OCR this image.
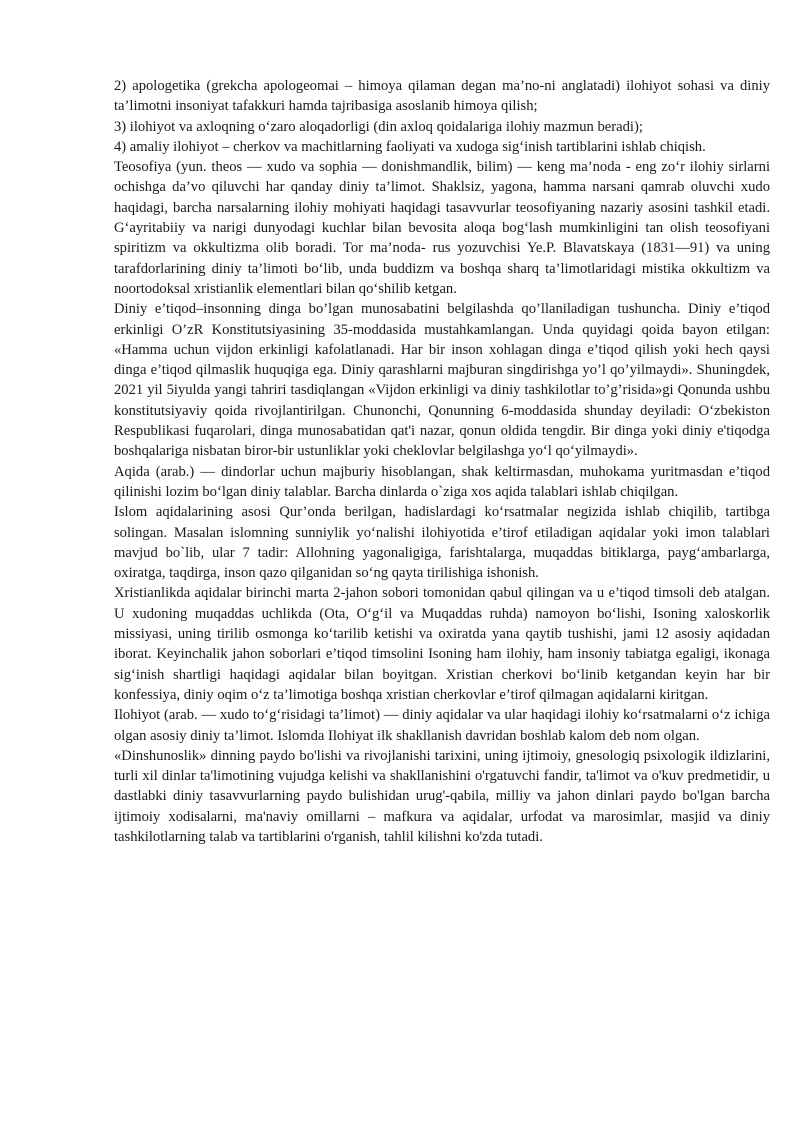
2) apologetika (grekcha apologeomai – himoya qilaman degan ma’no-ni anglatadi) ilohiyot sohasi va diniy ta’limotni insoniyat tafakkuri hamda tajribasiga asoslanib himoya qilish;

3) ilohiyot va axloqning o‘zaro aloqadorligi (din axloq qoidalariga ilohiy mazmun beradi);

4) amaliy ilohiyot – cherkov va machitlarning faoliyati va xudoga sig‘inish tartiblarini ishlab chiqish.

Teosofiya (yun. theos — xudo va sophia — donishmandlik, bilim) — keng ma’noda - eng zo‘r ilohiy sirlarni ochishga da’vo qiluvchi har qanday diniy ta’limot. Shaklsiz, yagona, hamma narsani qamrab oluvchi xudo haqidagi, barcha narsalarning ilohiy mohiyati haqidagi tasavvurlar teosofiyaning nazariy asosini tashkil etadi. G‘ayritabiiy va narigi dunyodagi kuchlar bilan bevosita aloqa bog‘lash mumkinligini tan olish teosofiyani spiritizm va okkultizma olib boradi. Tor ma’noda- rus yozuvchisi Ye.P. Blavatskaya (1831—91) va uning tarafdorlarining diniy ta’limoti bo‘lib, unda buddizm va boshqa sharq ta’limotlaridagi mistika okkultizm va noortodoksal xristianlik elementlari bilan qo‘shilib ketgan.

Diniy e’tiqod–insonning dinga bo’lgan munosabatini belgilashda qo’llaniladigan tushuncha. Diniy e’tiqod erkinligi O’zR Konstitutsiyasining 35-moddasida mustahkamlangan. Unda quyidagi qoida bayon etilgan: «Hamma uchun vijdon erkinligi kafolatlanadi. Har bir inson xohlagan dinga e’tiqod qilish yoki hech qaysi dinga e’tiqod qilmaslik huquqiga ega. Diniy qarashlarni majburan singdirishga yo’l qo’yilmaydi». Shuningdek, 2021 yil 5iyulda yangi tahriri tasdiqlangan «Vijdon erkinligi va diniy tashkilotlar to’g’risida»gi Qonunda ushbu konstitutsiyaviy qoida rivojlantirilgan. Chunonchi, Qonunning 6-moddasida shunday deyiladi: O‘zbekiston Respublikasi fuqarolari, dinga munosabatidan qat'i nazar, qonun oldida tengdir. Bir dinga yoki diniy e'tiqodga boshqalariga nisbatan biror-bir ustunliklar yoki cheklovlar belgilashga yo‘l qo‘yilmaydi».

Aqida (arab.) — dindorlar uchun majburiy hisoblangan, shak keltirmasdan, muhokama yuritmasdan e’tiqod qilinishi lozim bo‘lgan diniy talablar. Barcha dinlarda o`ziga xos aqida talablari ishlab chiqilgan.

Islom aqidalarining asosi Qur’onda berilgan, hadislardagi ko‘rsatmalar negizida ishlab chiqilib, tartibga solingan. Masalan islomning sunniylik yo‘nalishi ilohiyotida e’tirof etiladigan aqidalar yoki imon talablari mavjud bo`lib, ular 7 tadir: Allohning yagonaligiga, farishtalarga, muqaddas bitiklarga, payg‘ambarlarga, oxiratga, taqdirga, inson qazo qilganidan so‘ng qayta tirilishiga ishonish.

Xristianlikda aqidalar birinchi marta 2-jahon sobori tomonidan qabul qilingan va u e’tiqod timsoli deb atalgan. U xudoning muqaddas uchlikda (Ota, O‘g‘il va Muqaddas ruhda) namoyon bo‘lishi, Isoning xaloskorlik missiyasi, uning tirilib osmonga ko‘tarilib ketishi va oxiratda yana qaytib tushishi, jami 12 asosiy aqidadan iborat. Keyinchalik jahon soborlari e’tiqod timsolini Isoning ham ilohiy, ham insoniy tabiatga egaligi, ikonaga sig‘inish shartligi haqidagi aqidalar bilan boyitgan. Xristian cherkovi bo‘linib ketgandan keyin har bir konfessiya, diniy oqim o‘z ta’limotiga boshqa xristian cherkovlar e’tirof qilmagan aqidalarni kiritgan.

Ilohiyot (arab. — xudo to‘g‘risidagi ta’limot) — diniy aqidalar va ular haqidagi ilohiy ko‘rsatmalarni o‘z ichiga olgan asosiy diniy ta’limot. Islomda Ilohiyat ilk shakllanish davridan boshlab kalom deb nom olgan.

«Dinshunoslik» dinning paydo bo'lishi va rivojlanishi tarixini, uning ijtimoiy, gnesologiq psixologik ildizlarini, turli xil dinlar ta'limotining vujudga kelishi va shakllanishini o'rgatuvchi fandir, ta'limot va o'kuv predmetidir, u dastlabki diniy tasavvurlarning paydo bulishidan urug'-qabila, milliy va jahon dinlari paydo bo'lgan barcha ijtimoiy xodisalarni, ma'naviy omillarni – mafkura va aqidalar, urfodat va marosimlar, masjid va diniy tashkilotlarning talab va tartiblarini o'rganish, tahlil kilishni ko'zda tutadi.
